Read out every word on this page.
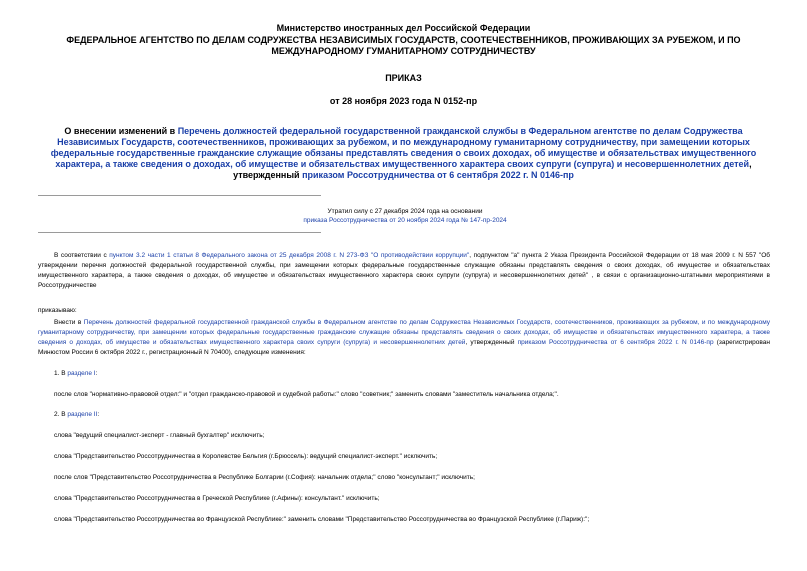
Министерство иностранных дел Российской Федерации
ФЕДЕРАЛЬНОЕ АГЕНТСТВО ПО ДЕЛАМ СОДРУЖЕСТВА НЕЗАВИСИМЫХ ГОСУДАРСТВ, СООТЕЧЕСТВЕННИКОВ, ПРОЖИВАЮЩИХ ЗА РУБЕЖОМ, И ПО МЕЖДУНАРОДНОМУ ГУМАНИТАРНОМУ СОТРУДНИЧЕСТВУ
ПРИКАЗ
от 28 ноября 2023 года N 0152-пр
О внесении изменений в Перечень должностей федеральной государственной гражданской службы в Федеральном агентстве по делам Содружества Независимых Государств, соотечественников, проживающих за рубежом, и по международному гуманитарному сотрудничеству, при замещении которых федеральные государственные гражданские служащие обязаны представлять сведения о своих доходах, об имуществе и обязательствах имущественного характера, а также сведения о доходах, об имуществе и обязательствах имущественного характера своих супруги (супруга) и несовершеннолетних детей, утвержденный приказом Россотрудничества от 6 сентября 2022 г. N 0146-пр
Утратил силу с 27 декабря 2024 года на основании
приказа Россотрудничества от 20 ноября 2024 года № 147-пр-2024
В соответствии с пунктом 3.2 части 1 статьи 8 Федерального закона от 25 декабря 2008 г. N 273-ФЗ "О противодействии коррупции", подпунктом "а" пункта 2 Указа Президента Российской Федерации от 18 мая 2009 г. N 557 "Об утверждении перечня должностей федеральной государственной службы, при замещении которых федеральные государственные служащие обязаны представлять сведения о своих доходах, об имуществе и обязательствах имущественного характера, а также сведения о доходах, об имуществе и обязательствах имущественного характера своих супруги (супруга) и несовершеннолетних детей" , в связи с организационно-штатными мероприятиями в Россотрудничестве
приказываю:
Внести в Перечень должностей федеральной государственной гражданской службы в Федеральном агентстве по делам Содружества Независимых Государств, соотечественников, проживающих за рубежом, и по международному гуманитарному сотрудничеству, при замещении которых федеральные государственные гражданские служащие обязаны представлять сведения о своих доходах, об имуществе и обязательствах имущественного характера, а также сведения о доходах, об имуществе и обязательствах имущественного характера своих супруги (супруга) и несовершеннолетних детей, утвержденный приказом Россотрудничества от 6 сентября 2022 г. N 0146-пр (зарегистрирован Минюстом России 6 октября 2022 г., регистрационный N 70400), следующие изменения:
1. В разделе I:
после слов "нормативно-правовой отдел:" и "отдел гражданско-правовой и судебной работы:" слово "советник;" заменить словами "заместитель начальника отдела;".
2. В разделе II:
слова "ведущий специалист-эксперт - главный бухгалтер" исключить;
слова "Представительство Россотрудничества в Королевстве Бельгия (г.Брюссель): ведущий специалист-эксперт." исключить;
после слов "Представительство Россотрудничества в Республике Болгарии (г.София): начальник отдела;" слово "консультант;" исключить;
слова "Представительство Россотрудничества в Греческой Республике (г.Афины): консультант." исключить;
слова "Представительство Россотрудничества во Французской Республике:" заменить словами "Представительство Россотрудничества во Французской Республике (г.Париж):";
